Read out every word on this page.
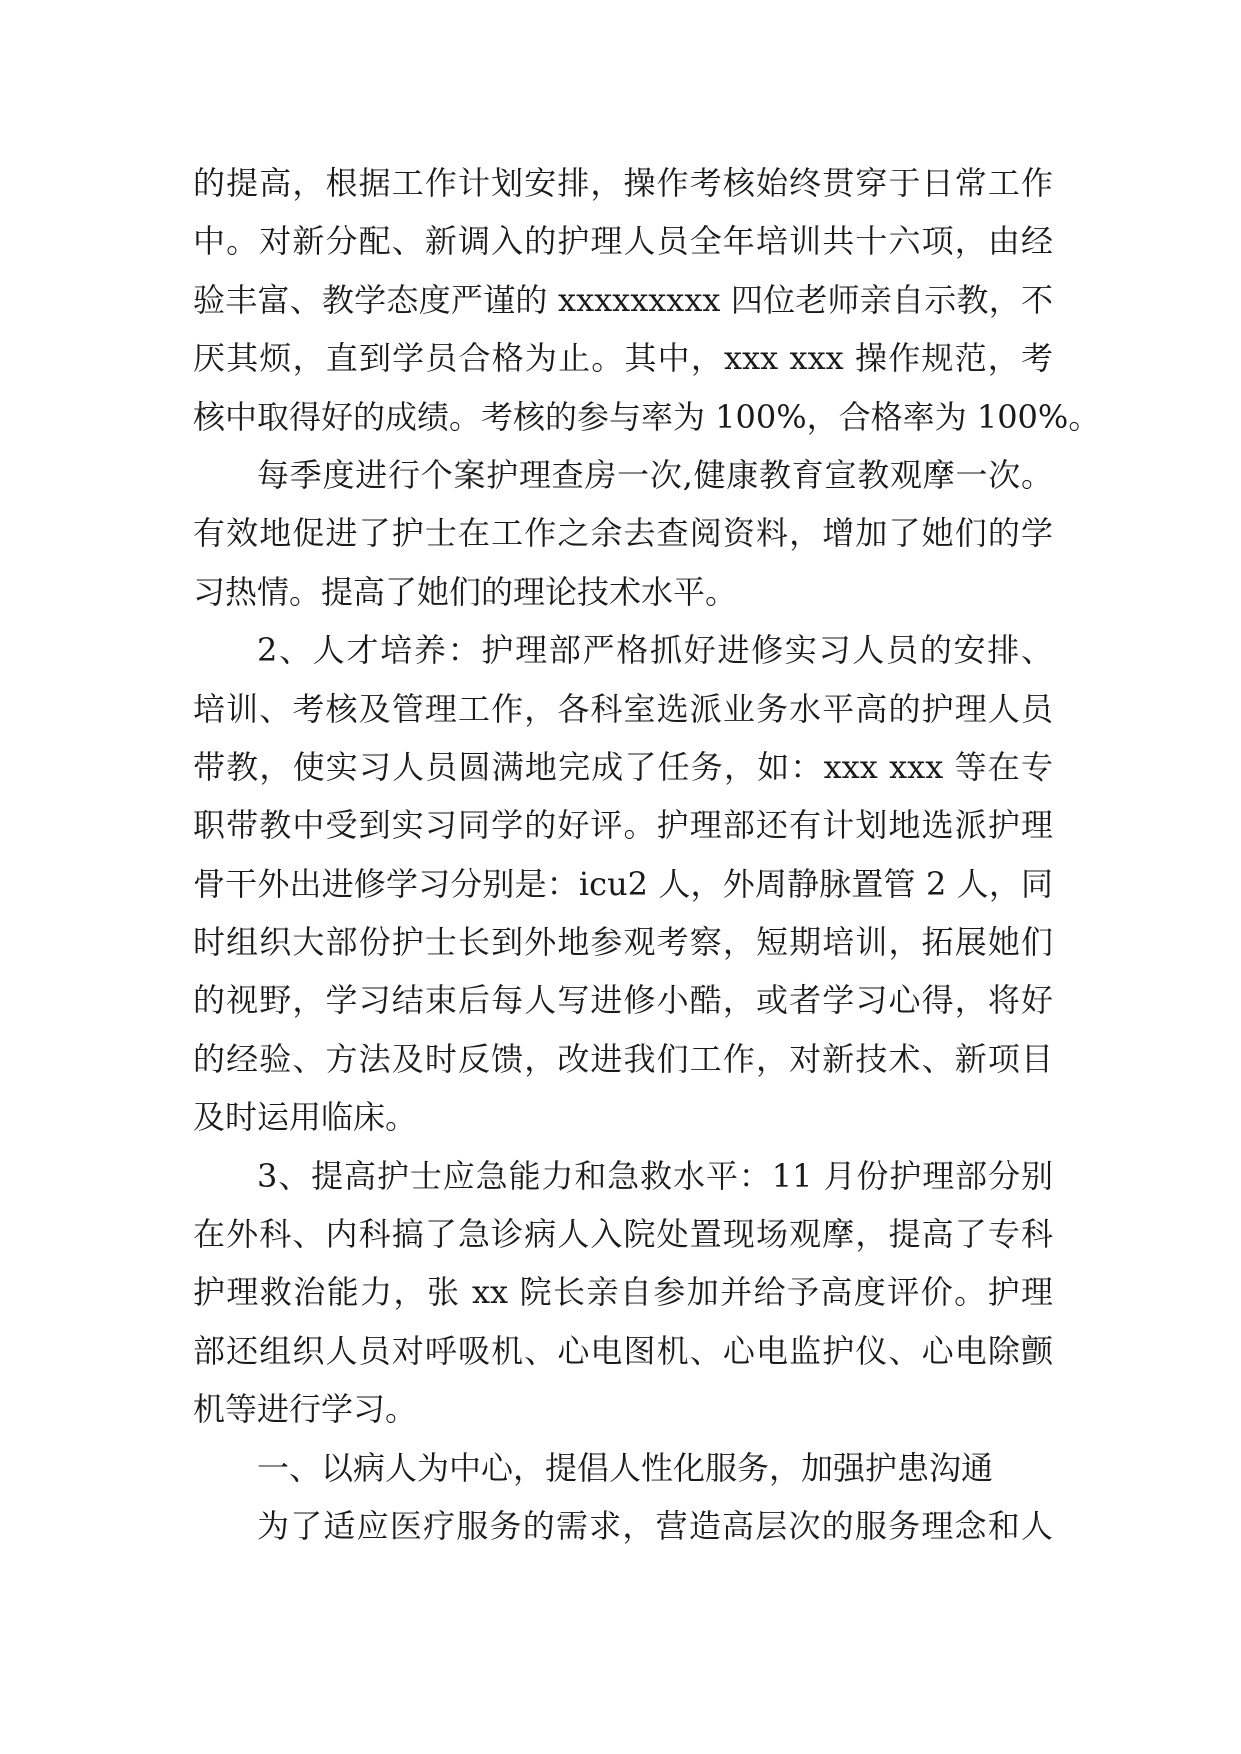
的提高，根据工作计划安排，操作考核始终贯穿于日常工作
中。对新分配、新调入的护理人员全年培训共十六项，由经
验丰富、教学态度严谨的 xxxxxxxxx 四位老师亲自示教，不
厌其烦，直到学员合格为止。其中，xxx xxx 操作规范，考
核中取得好的成绩。考核的参与率为 100%，合格率为 100%。
每季度进行个案护理查房一次,健康教育宣教观摩一次。
有效地促进了护士在工作之余去查阅资料，增加了她们的学
习热情。提高了她们的理论技术水平。
2、人才培养：护理部严格抓好进修实习人员的安排、
培训、考核及管理工作，各科室选派业务水平高的护理人员
带教，使实习人员圆满地完成了任务，如：xxx xxx 等在专
职带教中受到实习同学的好评。护理部还有计划地选派护理
骨干外出进修学习分别是：icu2 人，外周静脉置管 2 人，同
时组织大部份护士长到外地参观考察，短期培训，拓展她们
的视野，学习结束后每人写进修小酷，或者学习心得，将好
的经验、方法及时反馈，改进我们工作，对新技术、新项目
及时运用临床。
3、提高护士应急能力和急救水平：11 月份护理部分别
在外科、内科搞了急诊病人入院处置现场观摩，提高了专科
护理救治能力，张 xx 院长亲自参加并给予高度评价。护理
部还组织人员对呼吸机、心电图机、心电监护仪、心电除颤
机等进行学习。
一、以病人为中心，提倡人性化服务，加强护患沟通
为了适应医疗服务的需求，营造高层次的服务理念和人
